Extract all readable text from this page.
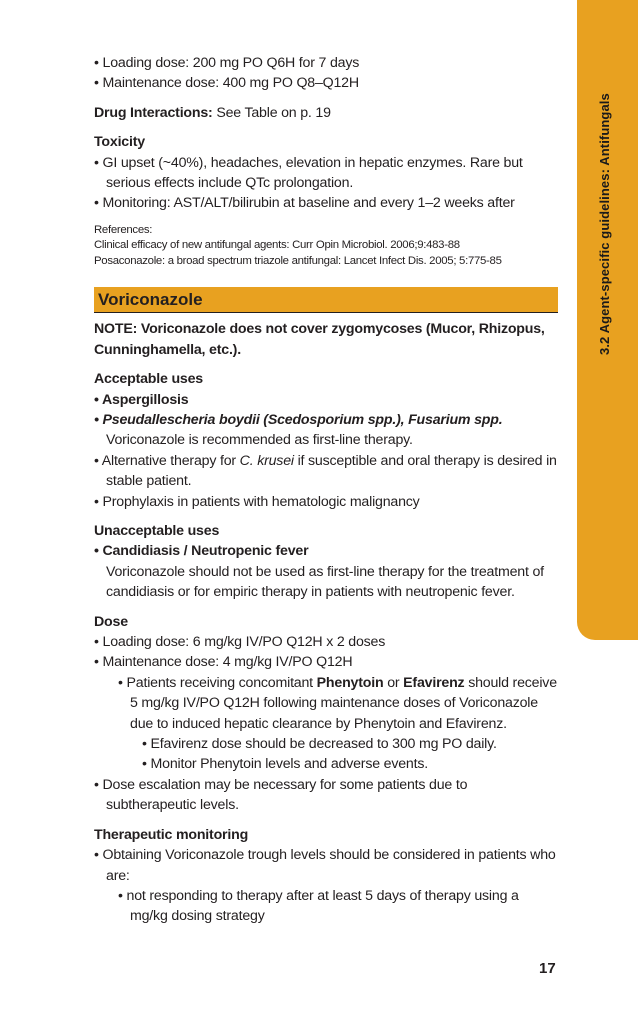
3.2 Agent-specific guidelines: Antifungals

• Loading dose: 200 mg PO Q6H for 7 days

• Maintenance dose: 400 mg PO Q8–Q12H

Drug Interactions: See Table on p. 19

Toxicity

• GI upset (~40%), headaches, elevation in hepatic enzymes. Rare but serious effects include QTc prolongation.

• Monitoring: AST/ALT/bilirubin at baseline and every 1–2 weeks after

References:

Clinical efficacy of new antifungal agents: Curr Opin Microbiol. 2006;9:483-88

Posaconazole: a broad spectrum triazole antifungal: Lancet Infect Dis. 2005; 5:775-85

Voriconazole

NOTE: Voriconazole does not cover zygomycoses (Mucor, Rhizopus, Cunninghamella, etc.).

Acceptable uses

• Aspergillosis

• Pseudallescheria boydii (Scedosporium spp.), Fusarium spp.

Voriconazole is recommended as first-line therapy.

• Alternative therapy for C. krusei if susceptible and oral therapy is desired in stable patient.

• Prophylaxis in patients with hematologic malignancy

Unacceptable uses

• Candidiasis / Neutropenic fever

Voriconazole should not be used as first-line therapy for the treatment of candidiasis or for empiric therapy in patients with neutropenic fever.

Dose

• Loading dose: 6 mg/kg IV/PO Q12H x 2 doses

• Maintenance dose: 4 mg/kg IV/PO Q12H

• Patients receiving concomitant Phenytoin or Efavirenz should receive 5 mg/kg IV/PO Q12H following maintenance doses of Voriconazole due to induced hepatic clearance by Phenytoin and Efavirenz.

• Efavirenz dose should be decreased to 300 mg PO daily.

• Monitor Phenytoin levels and adverse events.

• Dose escalation may be necessary for some patients due to subtherapeutic levels.

Therapeutic monitoring

• Obtaining Voriconazole trough levels should be considered in patients who are:

• not responding to therapy after at least 5 days of therapy using a mg/kg dosing strategy

17
